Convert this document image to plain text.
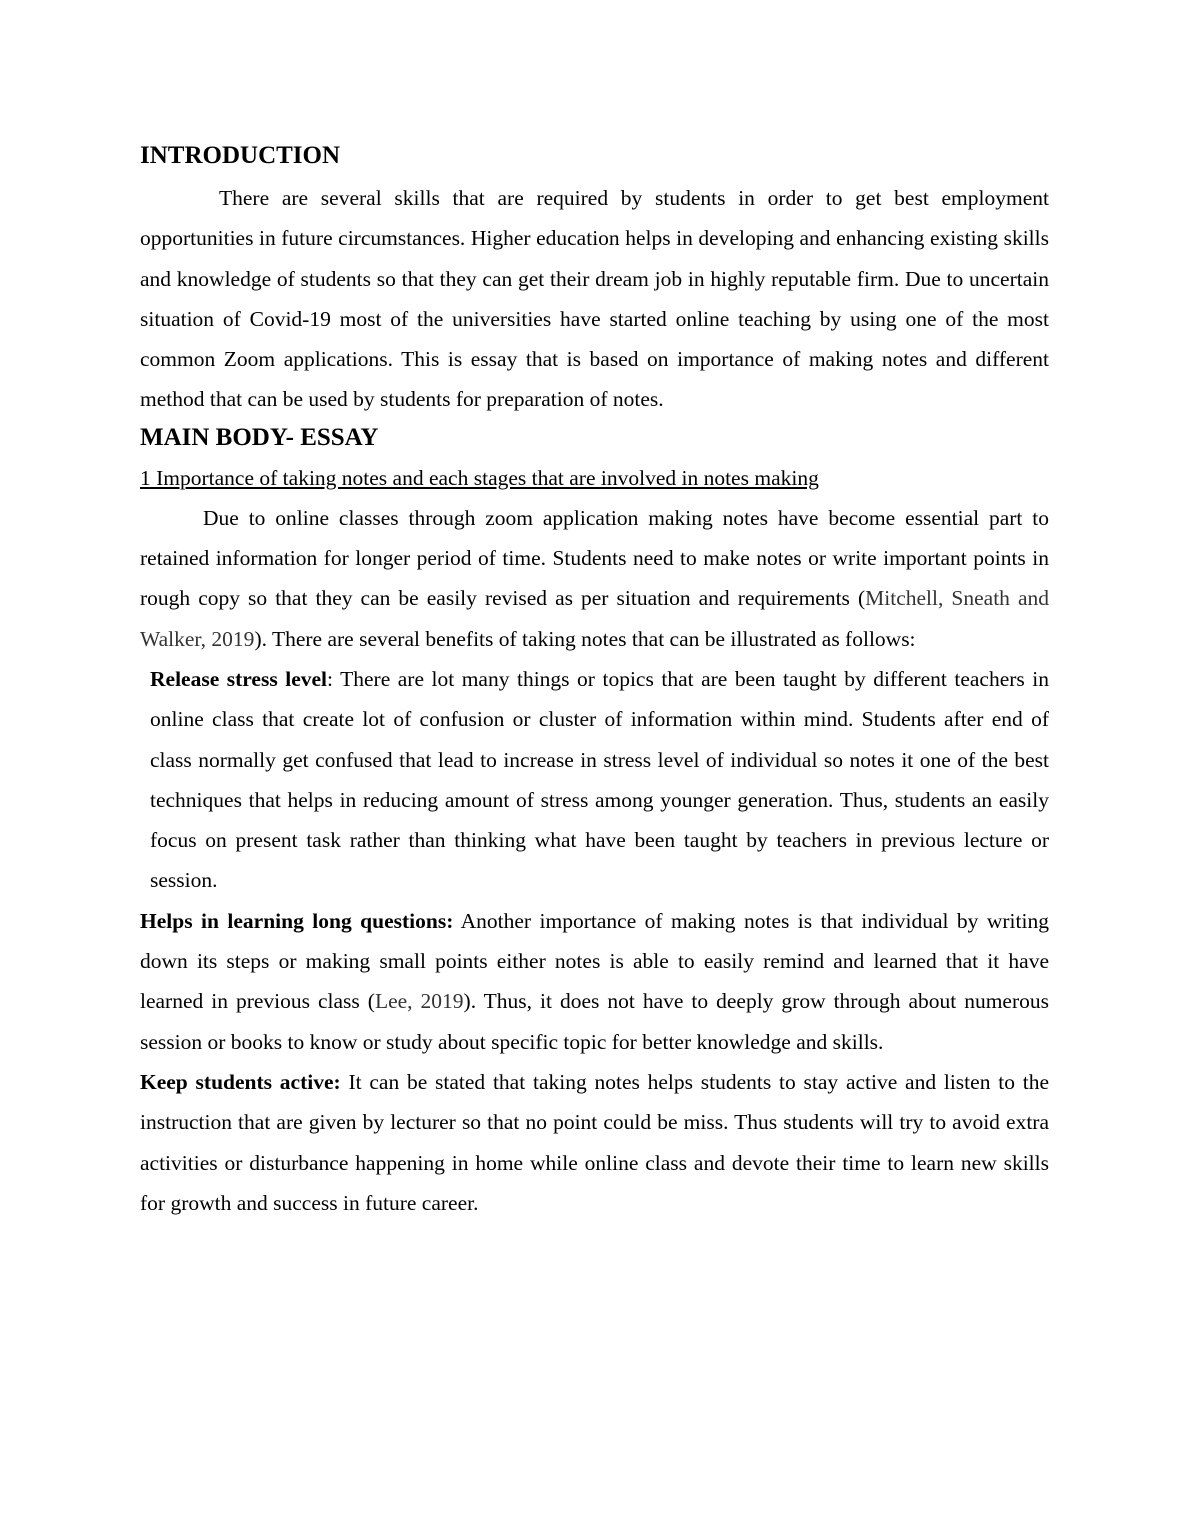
INTRODUCTION

There are several skills that are required by students in order to get best employment opportunities in future circumstances. Higher education helps in developing and enhancing existing skills and knowledge of students so that they can get their dream job in highly reputable firm. Due to uncertain situation of Covid-19 most of the universities have started online teaching by using one of the most common Zoom applications. This is essay that is based on importance of making notes and different method that can be used by students for preparation of notes.

MAIN BODY- ESSAY

1 Importance of taking notes and each stages that are involved in notes making

Due to online classes through zoom application making notes have become essential part to retained information for longer period of time. Students need to make notes or write important points in rough copy so that they can be easily revised as per situation and requirements (Mitchell, Sneath and Walker, 2019). There are several benefits of taking notes that can be illustrated as follows:

Release stress level: There are lot many things or topics that are been taught by different teachers in online class that create lot of confusion or cluster of information within mind. Students after end of class normally get confused that lead to increase in stress level of individual so notes it one of the best techniques that helps in reducing amount of stress among younger generation. Thus, students an easily focus on present task rather than thinking what have been taught by teachers in previous lecture or session.

Helps in learning long questions: Another importance of making notes is that individual by writing down its steps or making small points either notes is able to easily remind and learned that it have learned in previous class (Lee, 2019). Thus, it does not have to deeply grow through about numerous session or books to know or study about specific topic for better knowledge and skills.

Keep students active: It can be stated that taking notes helps students to stay active and listen to the instruction that are given by lecturer so that no point could be miss. Thus students will try to avoid extra activities or disturbance happening in home while online class and devote their time to learn new skills for growth and success in future career.
